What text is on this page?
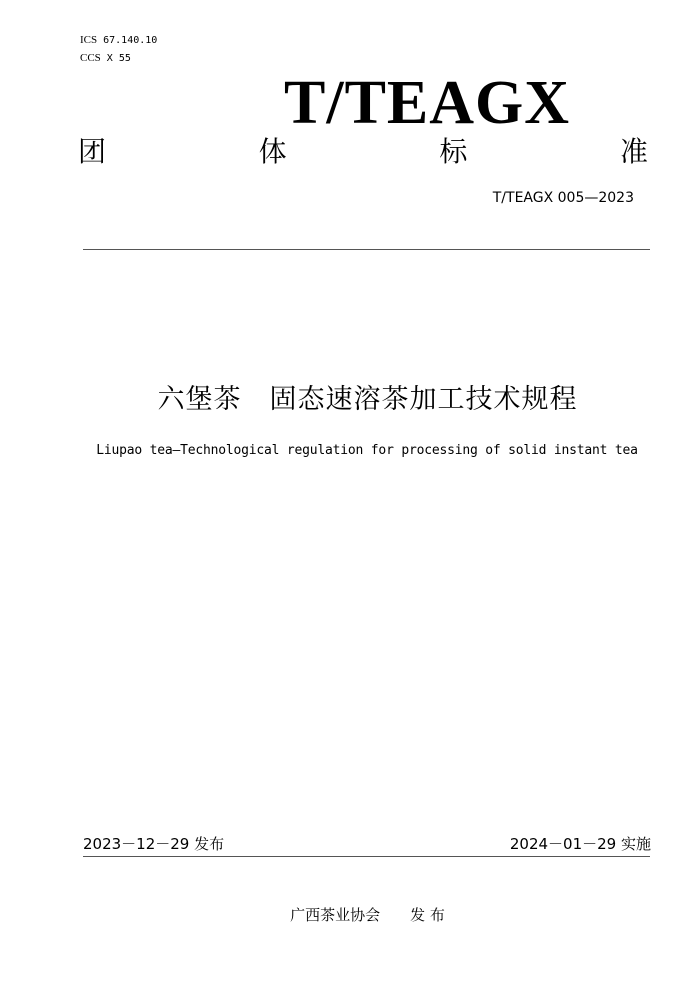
ICS 67.140.10
CCS X 55
T/TEAGX
团	体	标	准
T/TEAGX 005—2023
六堡茶　固态速溶茶加工技术规程
Liupao tea—Technological regulation for processing of solid instant tea
2023－12－29 发布	2024－01－29 实施
广西茶业协会　　发 布
